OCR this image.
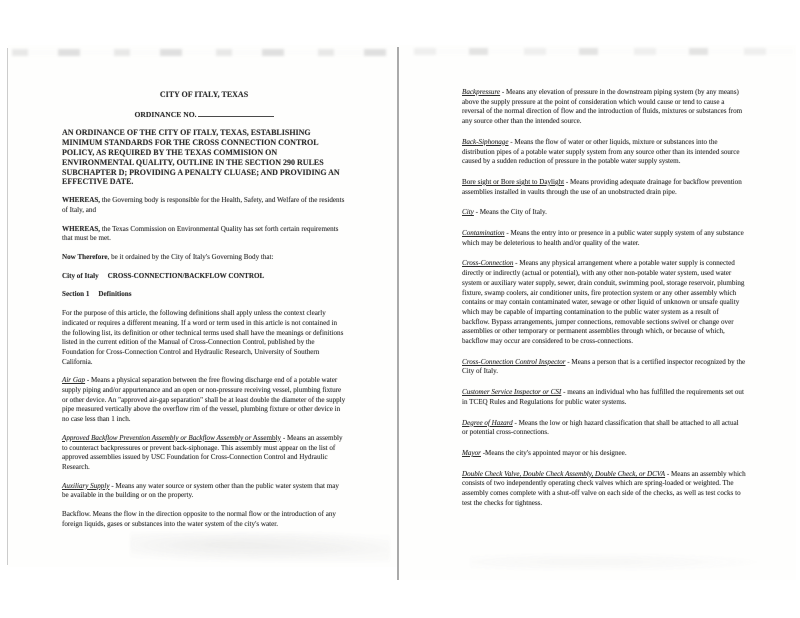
CITY OF ITALY, TEXAS
ORDINANCE NO.
AN ORDINANCE OF THE CITY OF ITALY, TEXAS, ESTABLISHING
MINIMUM STANDARDS FOR THE CROSS CONNECTION CONTROL
POLICY, AS REQUIRED BY THE TEXAS COMMISION ON
ENVIRONMENTAL QUALITY, OUTLINE IN THE SECTION 290 RULES
SUBCHAPTER D; PROVIDING A PENALTY CLUASE; AND PROVIDING AN
EFFECTIVE DATE.

WHEREAS, the Governing body is responsible for the Health, Safety, and Welfare of the residents of Italy, and

WHEREAS, the Texas Commission on Environmental Quality has set forth certain requirements that must be met.

Now Therefore, be it ordained by the City of Italy's Governing Body that:

City of Italy CROSS-CONNECTION/BACKFLOW CONTROL

Section 1 Definitions

For the purpose of this article, the following definitions shall apply unless the context clearly indicated or requires a different meaning. If a word or term used in this article is not contained in the following list, its definition or other technical terms used shall have the meanings or definitions listed in the current edition of the Manual of Cross-Connection Control, published by the Foundation for Cross-Connection Control and Hydraulic Research, University of Southern California.

Air Gap - Means a physical separation between the free flowing discharge end of a potable water supply piping and/or appurtenance and an open or non-pressure receiving vessel, plumbing fixture or other device. An "approved air-gap separation" shall be at least double the diameter of the supply pipe measured vertically above the overflow rim of the vessel, plumbing fixture or other device in no case less than 1 inch.

Approved Backflow Prevention Assembly or Backflow Assembly or Assembly - Means an assembly to counteract backpressures or prevent back-siphonage. This assembly must appear on the list of approved assemblies issued by USC Foundation for Cross-Connection Control and Hydraulic Research.

Auxiliary Supply - Means any water source or system other than the public water system that may be available in the building or on the property.

Backflow. Means the flow in the direction opposite to the normal flow or the introduction of any foreign liquids, gases or substances into the water system of the city's water.

Backpressure - Means any elevation of pressure in the downstream piping system (by any means) above the supply pressure at the point of consideration which would cause or tend to cause a reversal of the normal direction of flow and the introduction of fluids, mixtures or substances from any source other than the intended source.

Back-Siphonage - Means the flow of water or other liquids, mixture or substances into the distribution pipes of a potable water supply system from any source other than its intended source caused by a sudden reduction of pressure in the potable water supply system.

Bore sight or Bore sight to Daylight - Means providing adequate drainage for backflow prevention assemblies installed in vaults through the use of an unobstructed drain pipe.

City - Means the City of Italy.

Contamination - Means the entry into or presence in a public water supply system of any substance which may be deleterious to health and/or quality of the water.

Cross-Connection - Means any physical arrangement where a potable water supply is connected directly or indirectly (actual or potential), with any other non-potable water system, used water system or auxiliary water supply, sewer, drain conduit, swimming pool, storage reservoir, plumbing fixture, swamp coolers, air conditioner units, fire protection system or any other assembly which contains or may contain contaminated water, sewage or other liquid of unknown or unsafe quality which may be capable of imparting contamination to the public water system as a result of backflow. Bypass arrangements, jumper connections, removable sections swivel or change over assemblies or other temporary or permanent assemblies through which, or because of which, backflow may occur are considered to be cross-connections.

Cross-Connection Control Inspector - Means a person that is a certified inspector recognized by the City of Italy.

Customer Service Inspector or CSI - means an individual who has fulfilled the requirements set out in TCEQ Rules and Regulations for public water systems.

Degree of Hazard - Means the low or high hazard classification that shall be attached to all actual or potential cross-connections.

Mayor -Means the city's appointed mayor or his designee.

Double Check Valve, Double Check Assembly, Double Check, or DCVA - Means an assembly which consists of two independently operating check valves which are spring-loaded or weighted. The assembly comes complete with a shut-off valve on each side of the checks, as well as test cocks to test the checks for tightness.
